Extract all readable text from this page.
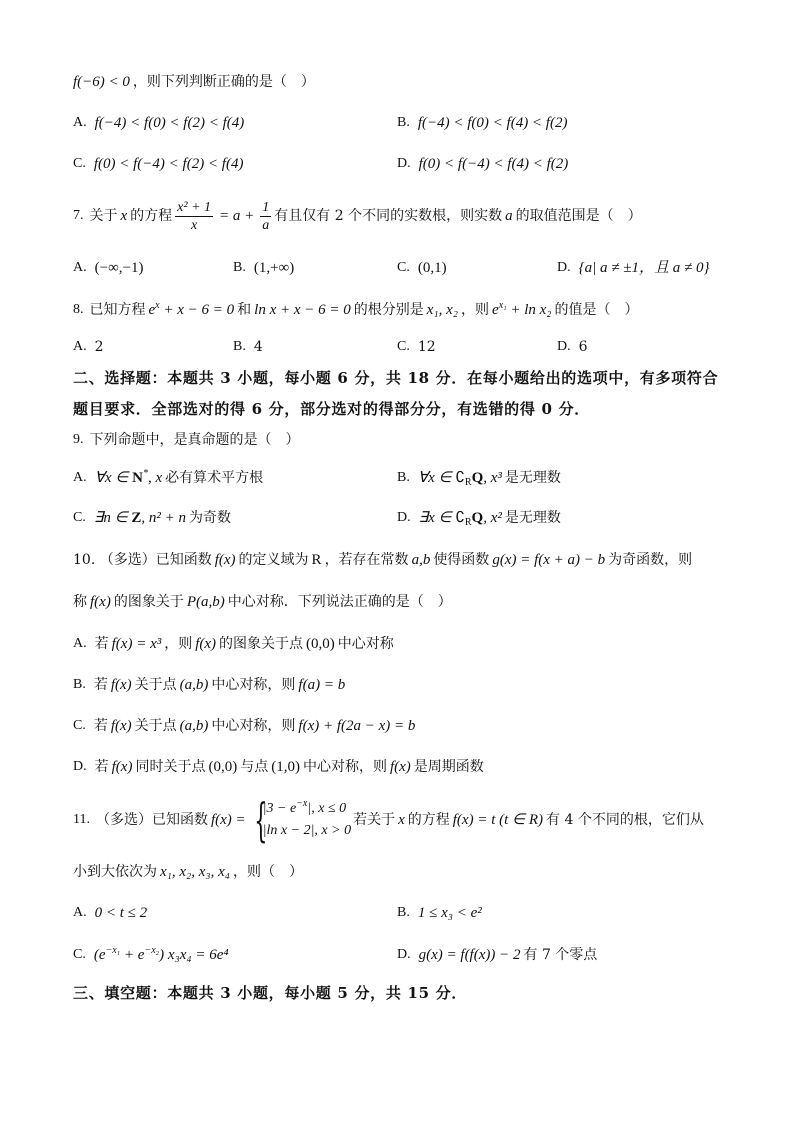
f(−6) < 0 ，则下列判断正确的是（　）
A. f(−4) < f(0) < f(2) < f(4)	B. f(−4) < f(0) < f(4) < f(2)
C. f(0) < f(−4) < f(2) < f(4)	D. f(0) < f(−4) < f(4) < f(2)
7. 关于 x 的方程 $\frac{\text{x² + 1}}{x} = a + \frac{1}{a}$ 有且仅有 2 个不同的实数根，则实数 a 的取值范围是（　）
A. (−∞,−1)	B. (1,+∞)	C. (0,1)	D. {a| a ≠ ±1，且 a ≠ 0}
8. 已知方程 $e^x + x - 6 = 0$ 和 ln x + x − 6 = 0 的根分别是 x₁, x₂ ，则 $e^{x_1} + \ln x_2$ 的值是（　）
A. 2	B. 4	C. 12	D. 6
二、选择题：本题共 3 小题，每小题 6 分，共 18 分．在每小题给出的选项中，有多项符合
题目要求．全部选对的得 6 分，部分选对的得部分分，有选错的得 0 分．
9. 下列命题中，是真命题的是（　）
A. ∀x ∈ N*, x 必有算术平方根	B. ∀x ∈ $∁_RQ$, x³ 是无理数
C. ∃n ∈ Z, n² + n 为奇数	D. ∃x ∈ $∁_RQ$, x² 是无理数
10. （多选）已知函数 f(x) 的定义域为 R ，若存在常数 a,b 使得函数 g(x) = f(x + a) − b 为奇函数，则
称 f(x) 的图象关于 P(a,b) 中心对称．下列说法正确的是（　）
A. 若 f(x) = x³ ，则 f(x) 的图象关于点 (0,0) 中心对称
B. 若 f(x) 关于点 (a,b) 中心对称，则 f(a) = b
C. 若 f(x) 关于点 (a,b) 中心对称，则 f(x) + f(2a − x) = b
D. 若 f(x) 同时关于点 (0,0) 与点 (1,0) 中心对称，则 f(x) 是周期函数
11. （多选）已知函数 f(x) = {
$|3 - e^{-x}|$, x ≤ 0
|ln x − 2|, x > 0
若关于 x 的方程 f(x) = t (t ∈ R) 有 4 个不同的根，它们从
小到大依次为 x₁, x₂, x₃, x₄ ，则（　）
A. 0 < t ≤ 2	B. 1 ≤ x₃ < e²
C. $(e^{-x_1} + e^{-x_2}) x_3x_4 = 6e^4$	D. g(x) = f(f(x)) − 2 有 7 个零点
三、填空题：本题共 3 小题，每小题 5 分，共 15 分．
